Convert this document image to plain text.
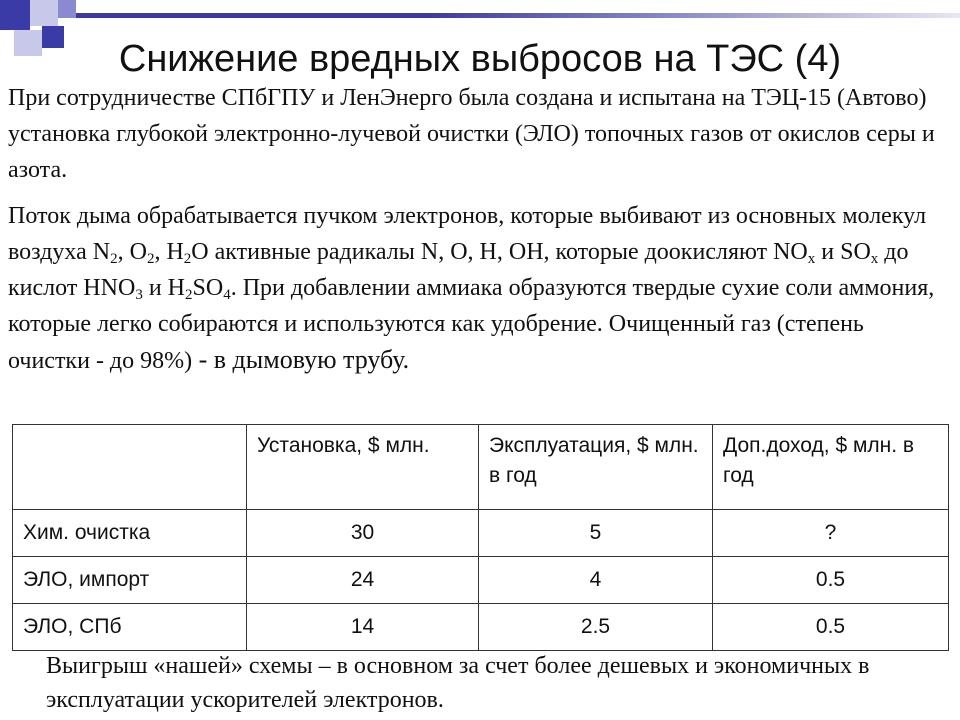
Снижение вредных выбросов на ТЭС (4)

При сотрудничестве СПбГПУ и ЛенЭнерго была создана и испытана на ТЭЦ-15 (Автово) установка глубокой электронно-лучевой очистки (ЭЛО) топочных газов от окислов серы и азота.

Поток дыма обрабатывается пучком электронов, которые выбивают из основных молекул воздуха $N_2$, $O_2$, $H_2O$ активные радикалы N, O, H, OH, которые доокисляют $NO_x$ и $SO_x$ до кислот $HNO_3$ и $H_2SO_4$. При добавлении аммиака образуются твердые сухие соли аммония, которые легко собираются и используются как удобрение. Очищенный газ (степень очистки - до 98%) - в дымовую трубу.

	Установка, $ млн.	Эксплуатация, $ млн. в год	Доп.доход, $ млн. в год
Хим. очистка	30	5	?
ЭЛО, импорт	24	4	0.5
ЭЛО, СПб	14	2.5	0.5

Выигрыш «нашей» схемы – в основном за счет более дешевых и экономичных в эксплуатации ускорителей электронов.
